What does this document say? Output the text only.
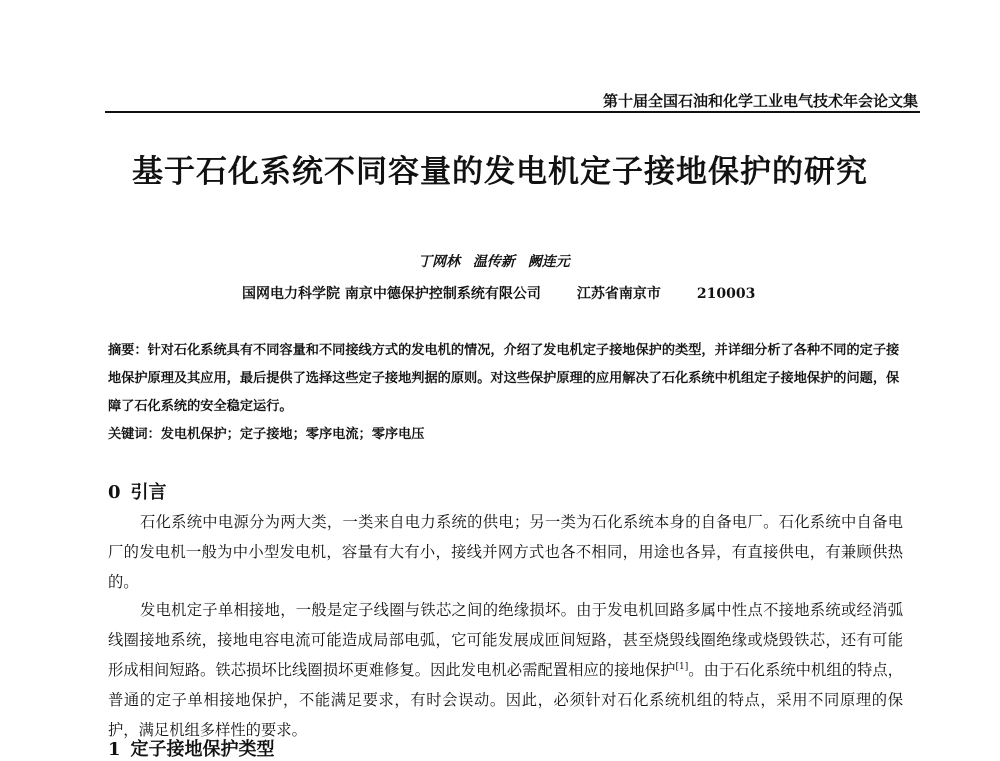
第十届全国石油和化学工业电气技术年会论文集
基于石化系统不同容量的发电机定子接地保护的研究
丁网林 温传新 阙连元
国网电力科学院 南京中德保护控制系统有限公司	江苏省南京市	210003
摘要：针对石化系统具有不同容量和不同接线方式的发电机的情况，介绍了发电机定子接地保护的类型，并详细分析了各种不同的定子接地保护原理及其应用，最后提供了选择这些定子接地判据的原则。对这些保护原理的应用解决了石化系统中机组定子接地保护的问题，保障了石化系统的安全稳定运行。
关键词：发电机保护；定子接地；零序电流；零序电压
0 引言
石化系统中电源分为两大类，一类来自电力系统的供电；另一类为石化系统本身的自备电厂。石化系统中自备电厂的发电机一般为中小型发电机，容量有大有小，接线并网方式也各不相同，用途也各异，有直接供电，有兼顾供热的。
发电机定子单相接地，一般是定子线圈与铁芯之间的绝缘损坏。由于发电机回路多属中性点不接地系统或经消弧线圈接地系统，接地电容电流可能造成局部电弧，它可能发展成匝间短路，甚至烧毁线圈绝缘或烧毁铁芯，还有可能形成相间短路。铁芯损坏比线圈损坏更难修复。因此发电机必需配置相应的接地保护[1]。由于石化系统中机组的特点，普通的定子单相接地保护，不能满足要求，有时会误动。因此，必须针对石化系统机组的特点，采用不同原理的保护，满足机组多样性的要求。
1 定子接地保护类型
